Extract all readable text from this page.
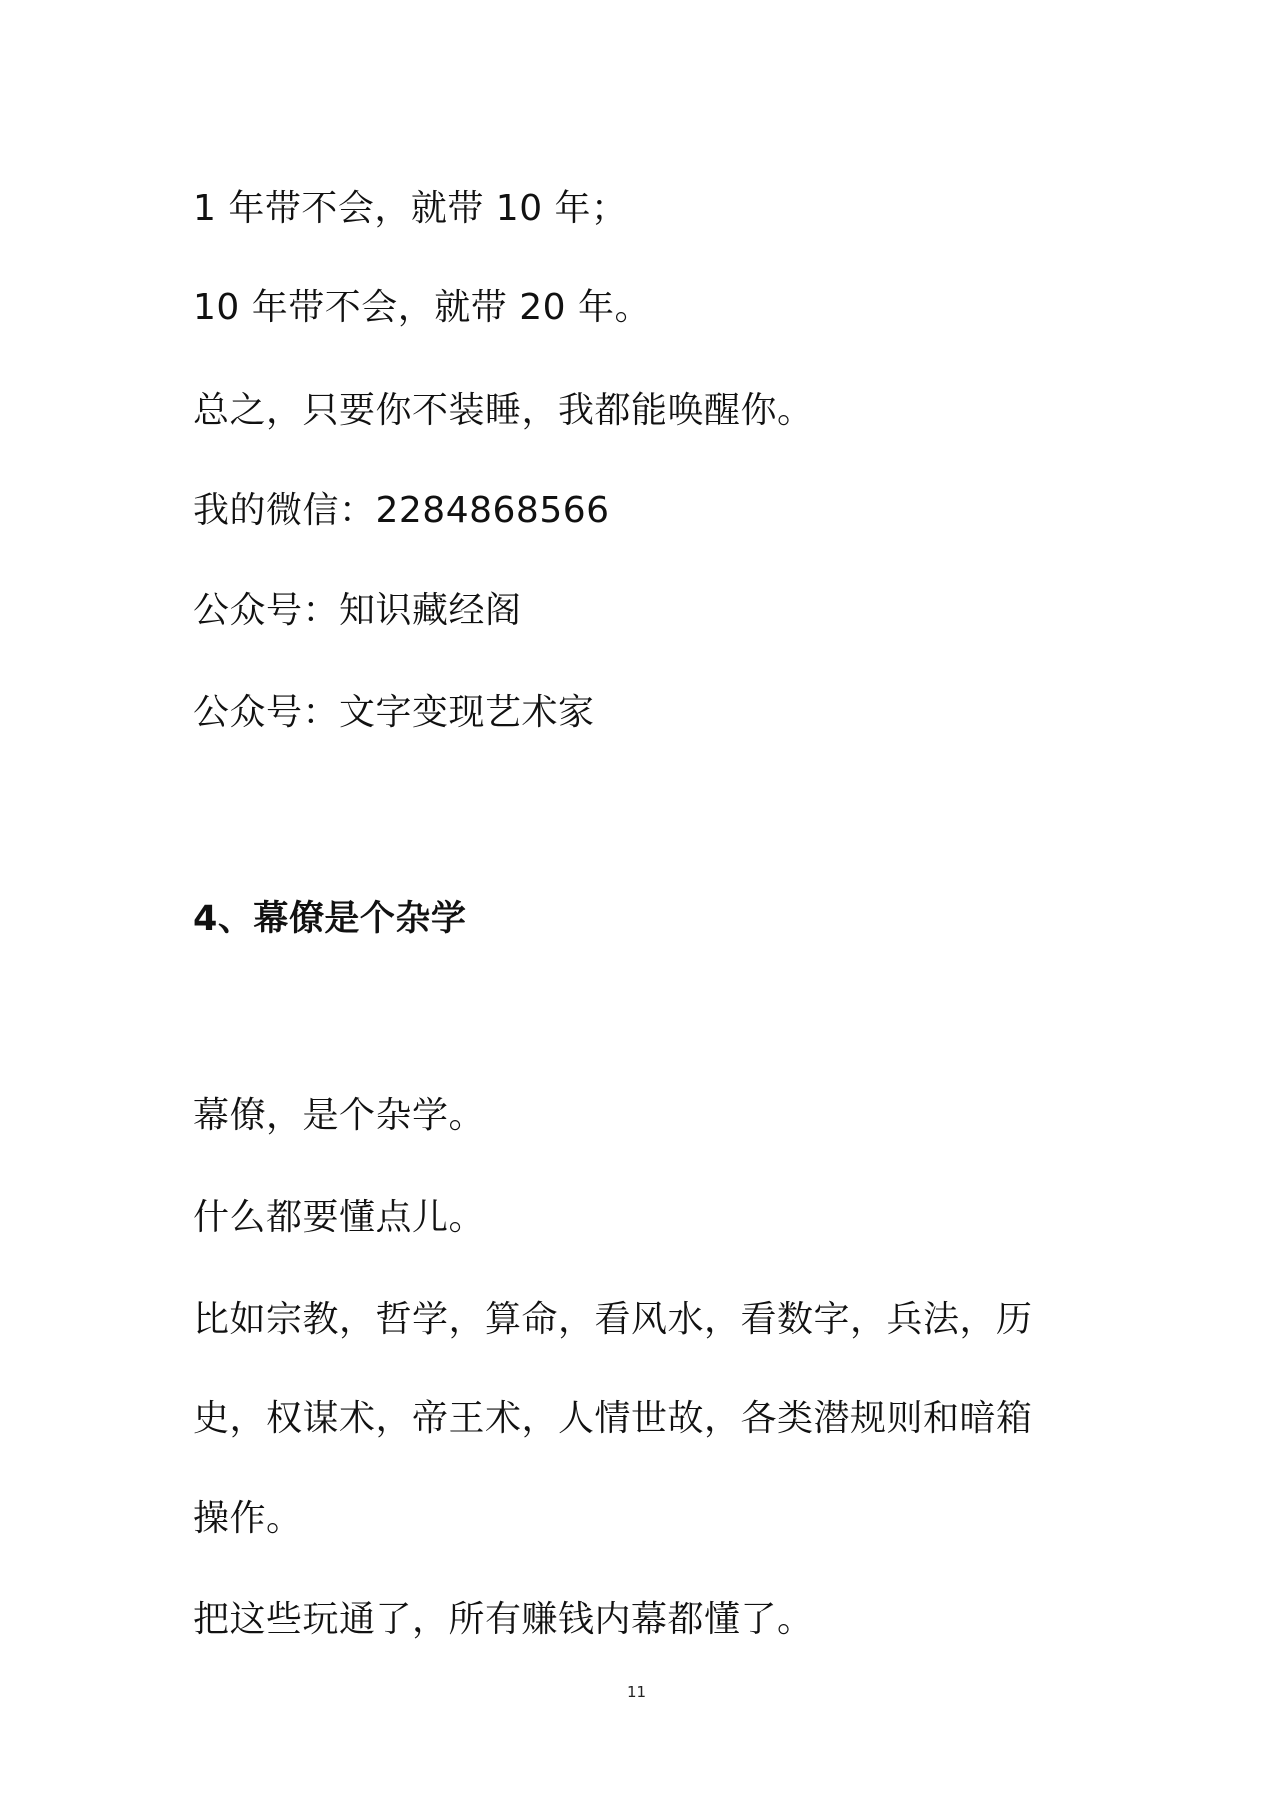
1 年带不会，就带 10 年；
10 年带不会，就带 20 年。
总之，只要你不装睡，我都能唤醒你。
我的微信：2284868566
公众号：知识藏经阁
公众号：文字变现艺术家
4、幕僚是个杂学
幕僚，是个杂学。
什么都要懂点儿。
比如宗教，哲学，算命，看风水，看数字，兵法，历
史，权谋术，帝王术，人情世故，各类潜规则和暗箱
操作。
把这些玩通了，所有赚钱内幕都懂了。
11
